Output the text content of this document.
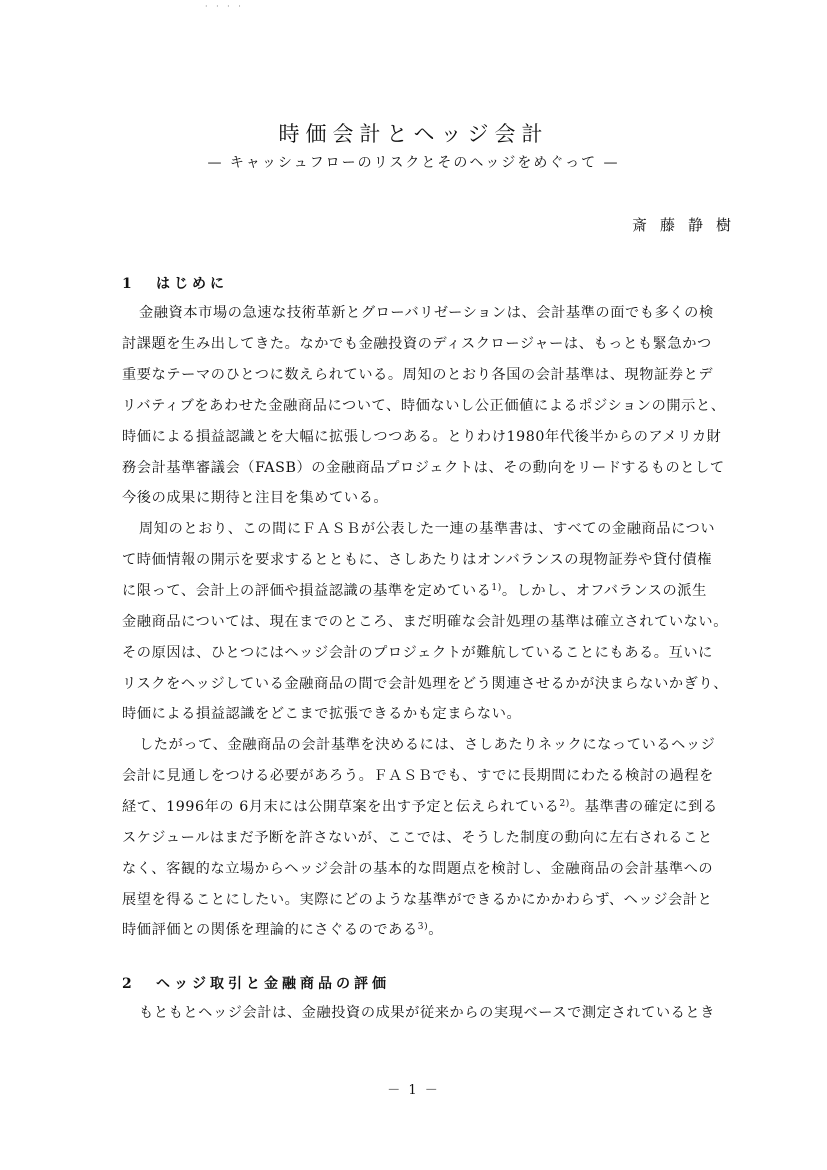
· · · ·
時価会計とヘッジ会計
— キャッシュフローのリスクとそのヘッジをめぐって —
斎藤静樹
1 はじめに
金融資本市場の急速な技術革新とグローバリゼーションは、会計基準の面でも多くの検
討課題を生み出してきた。なかでも金融投資のディスクロージャーは、もっとも緊急かつ
重要なテーマのひとつに数えられている。周知のとおり各国の会計基準は、現物証券とデ
リバティブをあわせた金融商品について、時価ないし公正価値によるポジションの開示と、
時価による損益認識とを大幅に拡張しつつある。とりわけ1980年代後半からのアメリカ財
務会計基準審議会（FASB）の金融商品プロジェクトは、その動向をリードするものとして
今後の成果に期待と注目を集めている。
周知のとおり、この間にＦＡＳＢが公表した一連の基準書は、すべての金融商品につい
て時価情報の開示を要求するとともに、さしあたりはオンバランスの現物証券や貸付債権
に限って、会計上の評価や損益認識の基準を定めている$^{1)}$。しかし、オフバランスの派生
金融商品については、現在までのところ、まだ明確な会計処理の基準は確立されていない。
その原因は、ひとつにはヘッジ会計のプロジェクトが難航していることにもある。互いに
リスクをヘッジしている金融商品の間で会計処理をどう関連させるかが決まらないかぎり、
時価による損益認識をどこまで拡張できるかも定まらない。
したがって、金融商品の会計基準を決めるには、さしあたりネックになっているヘッジ
会計に見通しをつける必要があろう。ＦＡＳＢでも、すでに長期間にわたる検討の過程を
経て、1996年の 6月末には公開草案を出す予定と伝えられている$^{2)}$。基準書の確定に到る
スケジュールはまだ予断を許さないが、ここでは、そうした制度の動向に左右されること
なく、客観的な立場からヘッジ会計の基本的な問題点を検討し、金融商品の会計基準への
展望を得ることにしたい。実際にどのような基準ができるかにかかわらず、ヘッジ会計と
時価評価との関係を理論的にさぐるのである$^{3)}$。
2 ヘッジ取引と金融商品の評価
もともとヘッジ会計は、金融投資の成果が従来からの実現ベースで測定されているとき
－ 1 －
